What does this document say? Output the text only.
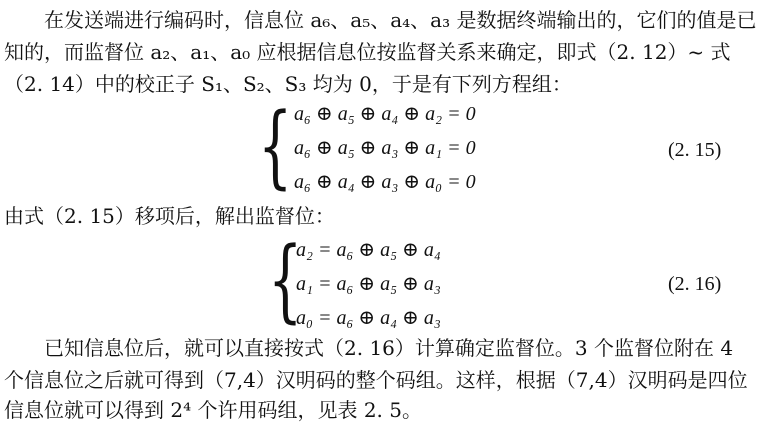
在发送端进行编码时，信息位 a₆、a₅、a₄、a₃ 是数据终端输出的，它们的值是已
知的，而监督位 a₂、a₁、a₀ 应根据信息位按监督关系来确定，即式（2. 12）~ 式
（2. 14）中的校正子 S₁、S₂、S₃ 均为 0，于是有下列方程组：
{ a₆ ⊕ a₅ ⊕ a₄ ⊕ a₂ = 0
a₆ ⊕ a₅ ⊕ a₃ ⊕ a₁ = 0
a₆ ⊕ a₄ ⊕ a₃ ⊕ a₀ = 0
(2. 15)
由式（2. 15）移项后，解出监督位：
{
a₂ = a₆ ⊕ a₅ ⊕ a₄
a₁ = a₆ ⊕ a₅ ⊕ a₃
a₀ = a₆ ⊕ a₄ ⊕ a₃
(2. 16)
已知信息位后，就可以直接按式（2. 16）计算确定监督位。3 个监督位附在 4
个信息位之后就可得到（7,4）汉明码的整个码组。这样，根据（7,4）汉明码是四位
信息位就可以得到 2⁴ 个许用码组，见表 2. 5。
